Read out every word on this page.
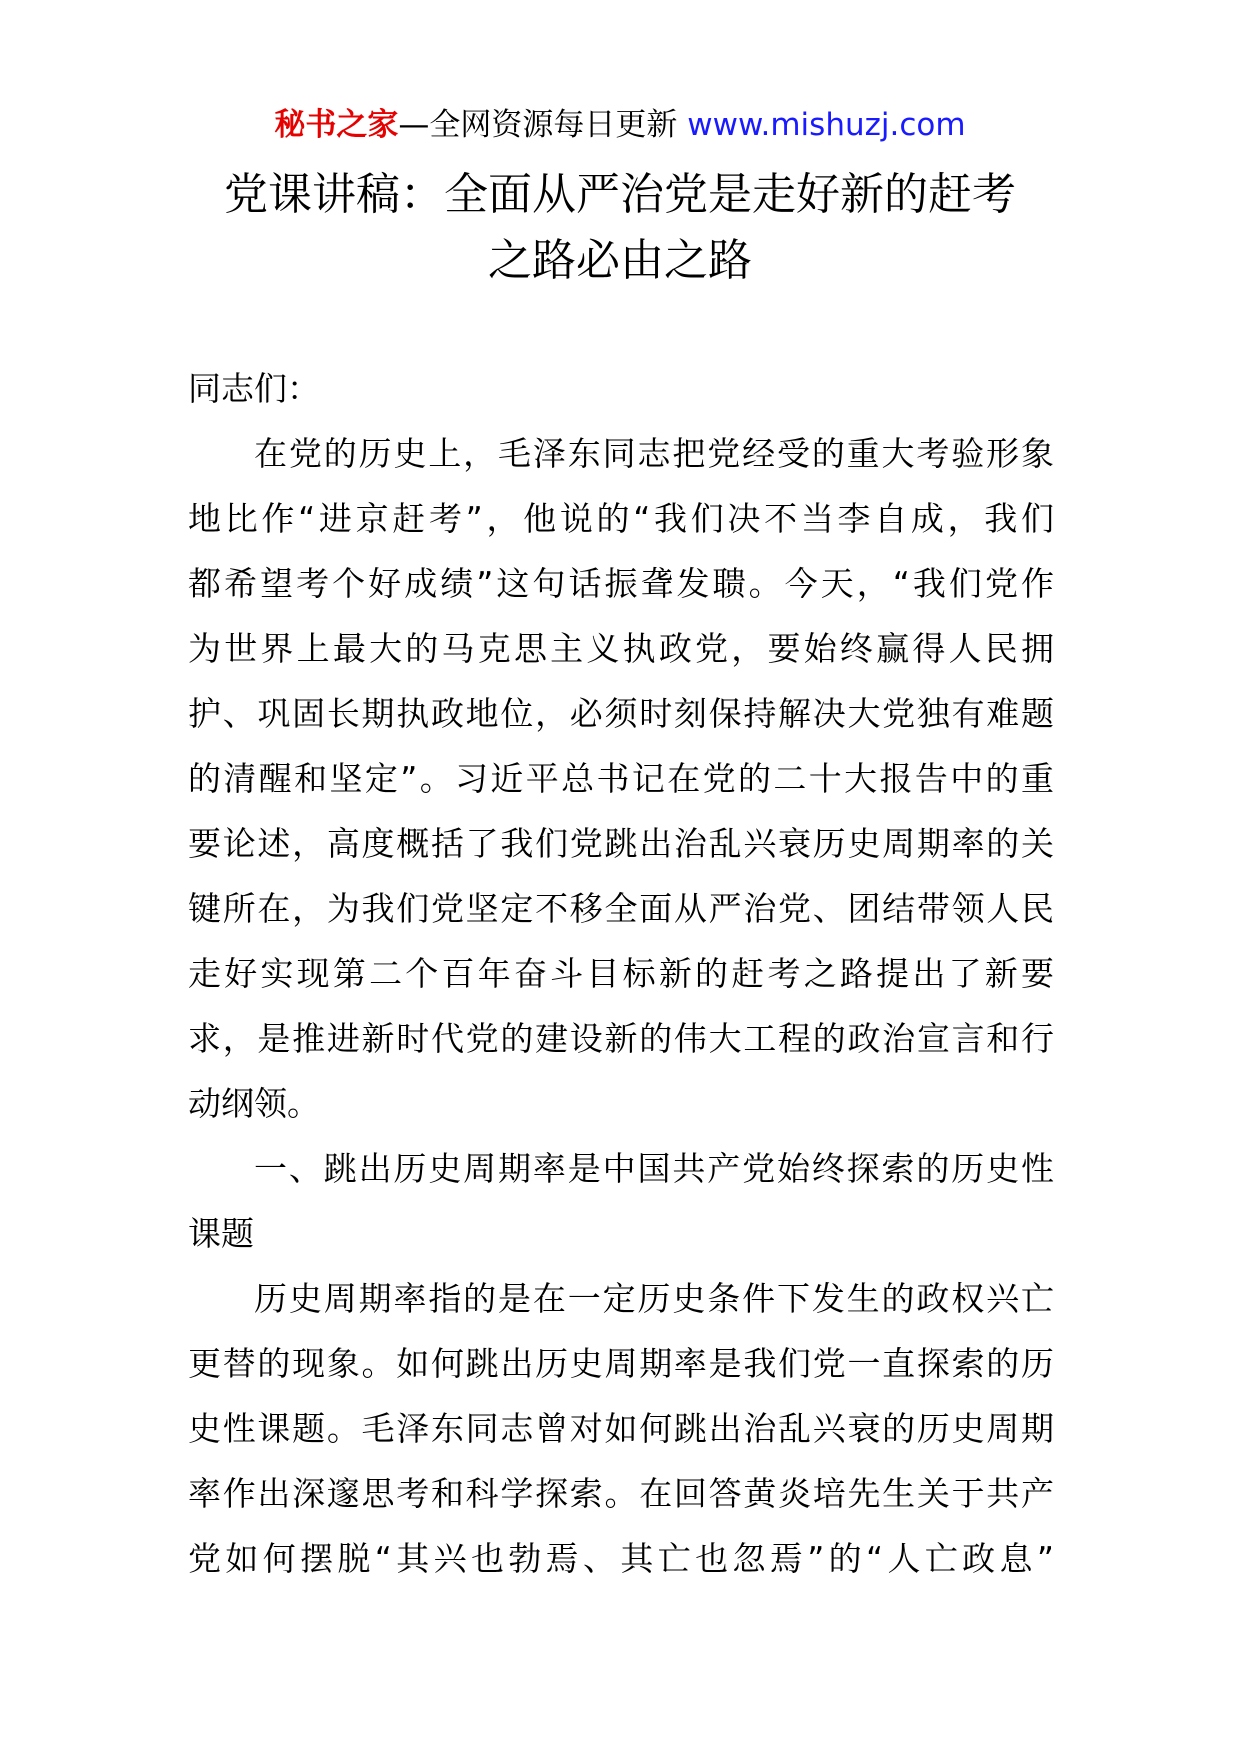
秘书之家—全网资源每日更新 www.mishuzj.com
党课讲稿：全面从严治党是走好新的赶考
之路必由之路
同志们：
在党的历史上，毛泽东同志把党经受的重大考验形象
地比作“进京赶考”，他说的“我们决不当李自成，我们
都希望考个好成绩”这句话振聋发聩。今天，“我们党作
为世界上最大的马克思主义执政党，要始终赢得人民拥
护、巩固长期执政地位，必须时刻保持解决大党独有难题
的清醒和坚定”。习近平总书记在党的二十大报告中的重
要论述，高度概括了我们党跳出治乱兴衰历史周期率的关
键所在，为我们党坚定不移全面从严治党、团结带领人民
走好实现第二个百年奋斗目标新的赶考之路提出了新要
求，是推进新时代党的建设新的伟大工程的政治宣言和行
动纲领。
一、跳出历史周期率是中国共产党始终探索的历史性
课题
历史周期率指的是在一定历史条件下发生的政权兴亡
更替的现象。如何跳出历史周期率是我们党一直探索的历
史性课题。毛泽东同志曾对如何跳出治乱兴衰的历史周期
率作出深邃思考和科学探索。在回答黄炎培先生关于共产
党如何摆脱“其兴也勃焉、其亡也忽焉”的“人亡政息”
